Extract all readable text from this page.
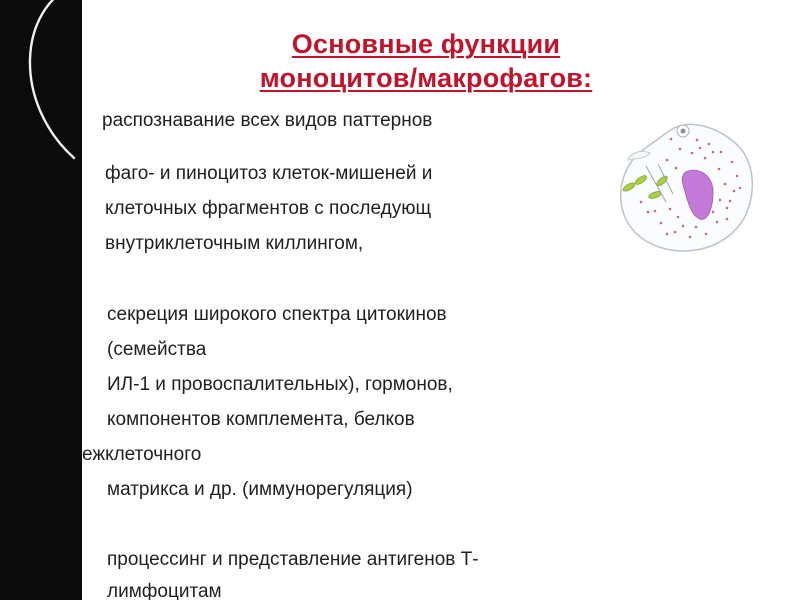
Основные функции
моноцитов/макрофагов:
распознавание всех видов паттернов
фаго- и пиноцитоз клеток-мишеней и
клеточных фрагментов с последующ
внутриклеточным киллингом,
секреция широкого спектра цитокинов
(семейства
ИЛ-1 и провоспалительных), гормонов,
компонентов комплемента, белков
ежклеточного
матрикса и др. (иммунорегуляция)
процессинг и представление антигенов Т-
лимфоцитам
